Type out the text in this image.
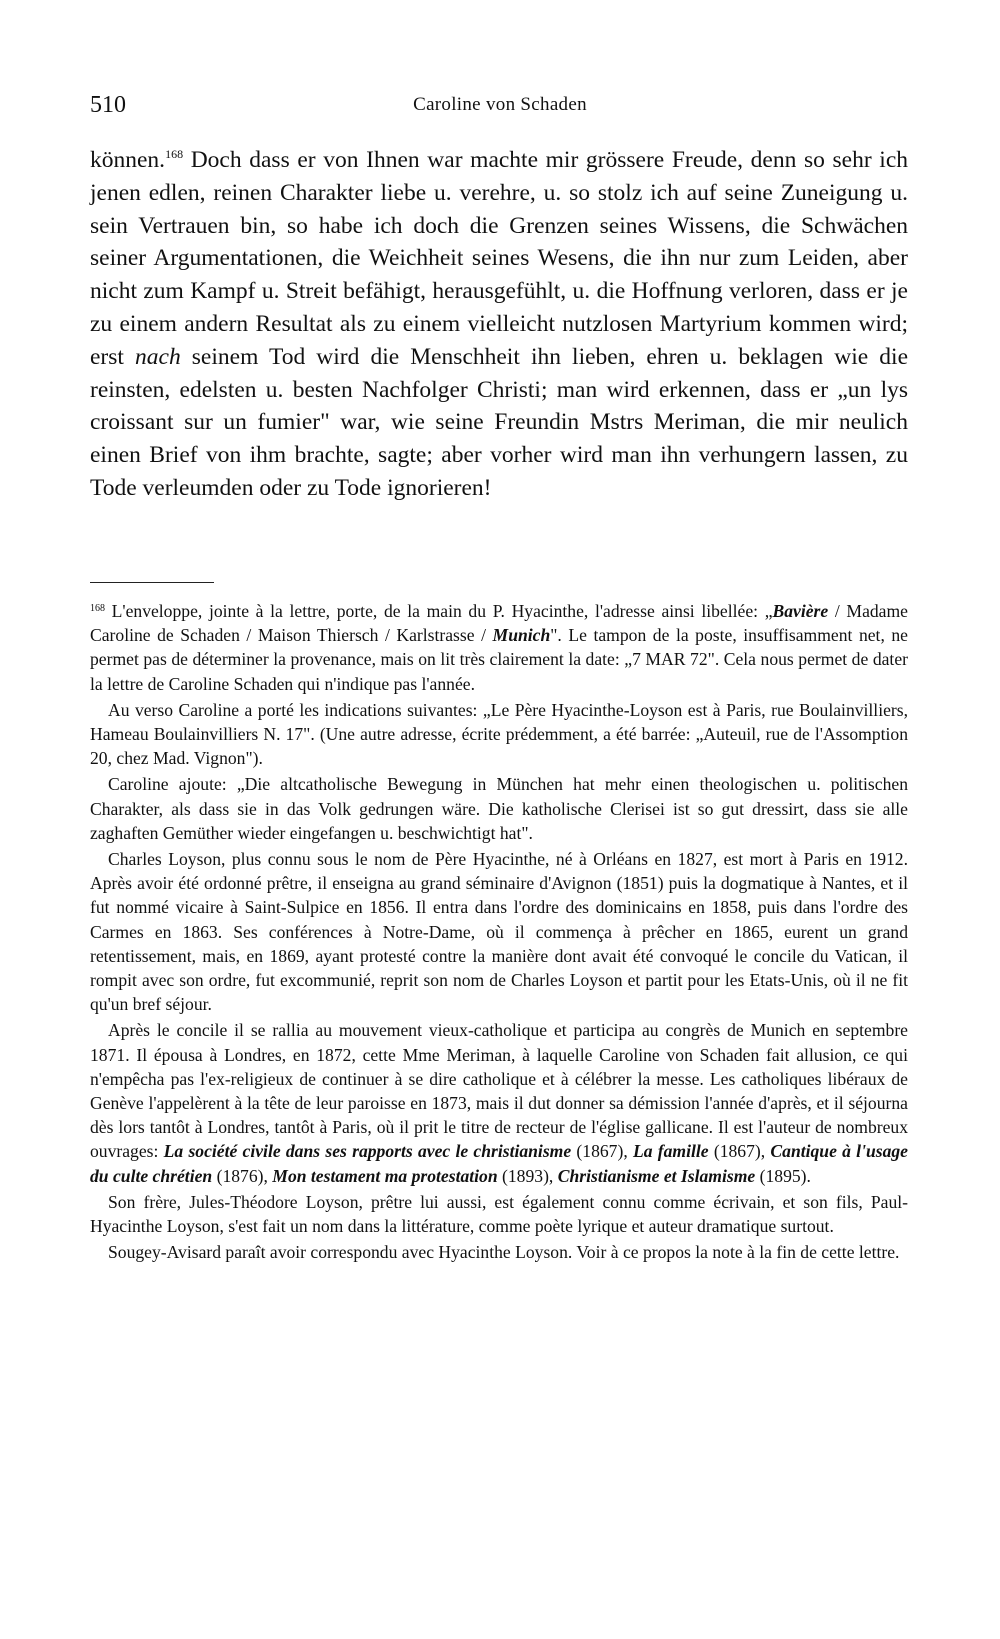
510	Caroline von Schaden
können.$^{168}$ Doch dass er von Ihnen war machte mir grössere Freude, denn so sehr ich jenen edlen, reinen Charakter liebe u. verehre, u. so stolz ich auf seine Zuneigung u. sein Vertrauen bin, so habe ich doch die Grenzen seines Wissens, die Schwächen seiner Argumentationen, die Weichheit seines Wesens, die ihn nur zum Leiden, aber nicht zum Kampf u. Streit befähigt, herausgefühlt, u. die Hoffnung verloren, dass er je zu einem andern Resultat als zu einem vielleicht nutzlosen Martyrium kommen wird; erst nach seinem Tod wird die Menschheit ihn lieben, ehren u. beklagen wie die reinsten, edelsten u. besten Nachfolger Christi; man wird erkennen, dass er „un lys croissant sur un fumier" war, wie seine Freundin Mstrs Meriman, die mir neulich einen Brief von ihm brachte, sagte; aber vorher wird man ihn verhungern lassen, zu Tode verleumden oder zu Tode ignorieren!

$^{168}$ L'enveloppe, jointe à la lettre, porte, de la main du P. Hyacinthe, l'adresse ainsi libellée: „Bavière / Madame Caroline de Schaden / Maison Thiersch / Karlstrasse / Munich". Le tampon de la poste, insuffisamment net, ne permet pas de déterminer la provenance, mais on lit très clairement la date: „7 MAR 72". Cela nous permet de dater la lettre de Caroline Schaden qui n'indique pas l'année.

Au verso Caroline a porté les indications suivantes: „Le Père Hyacinthe-Loyson est à Paris, rue Boulainvilliers, Hameau Boulainvilliers N. 17". (Une autre adresse, écrite prédemment, a été barrée: „Auteuil, rue de l'Assomption 20, chez Mad. Vignon").

Caroline ajoute: „Die altcatholische Bewegung in München hat mehr einen theologischen u. politischen Charakter, als dass sie in das Volk gedrungen wäre. Die katholische Clerisei ist so gut dressirt, dass sie alle zaghaften Gemüther wieder eingefangen u. beschwichtigt hat".

Charles Loyson, plus connu sous le nom de Père Hyacinthe, né à Orléans en 1827, est mort à Paris en 1912. Après avoir été ordonné prêtre, il enseigna au grand séminaire d'Avignon (1851) puis la dogmatique à Nantes, et il fut nommé vicaire à Saint-Sulpice en 1856. Il entra dans l'ordre des dominicains en 1858, puis dans l'ordre des Carmes en 1863. Ses conférences à Notre-Dame, où il commença à prêcher en 1865, eurent un grand retentissement, mais, en 1869, ayant protesté contre la manière dont avait été convoqué le concile du Vatican, il rompit avec son ordre, fut excommunié, reprit son nom de Charles Loyson et partit pour les Etats-Unis, où il ne fit qu'un bref séjour.

Après le concile il se rallia au mouvement vieux-catholique et participa au congrès de Munich en septembre 1871. Il épousa à Londres, en 1872, cette Mme Meriman, à laquelle Caroline von Schaden fait allusion, ce qui n'empêcha pas l'ex-religieux de continuer à se dire catholique et à célébrer la messe. Les catholiques libéraux de Genève l'appelèrent à la tête de leur paroisse en 1873, mais il dut donner sa démission l'année d'après, et il séjourna dès lors tantôt à Londres, tantôt à Paris, où il prit le titre de recteur de l'église gallicane. Il est l'auteur de nombreux ouvrages: La société civile dans ses rapports avec le christianisme (1867), La famille (1867), Cantique à l'usage du culte chrétien (1876), Mon testament ma protestation (1893), Christianisme et Islamisme (1895).

Son frère, Jules-Théodore Loyson, prêtre lui aussi, est également connu comme écrivain, et son fils, Paul-Hyacinthe Loyson, s'est fait un nom dans la littérature, comme poète lyrique et auteur dramatique surtout.

Sougey-Avisard paraît avoir correspondu avec Hyacinthe Loyson. Voir à ce propos la note à la fin de cette lettre.
